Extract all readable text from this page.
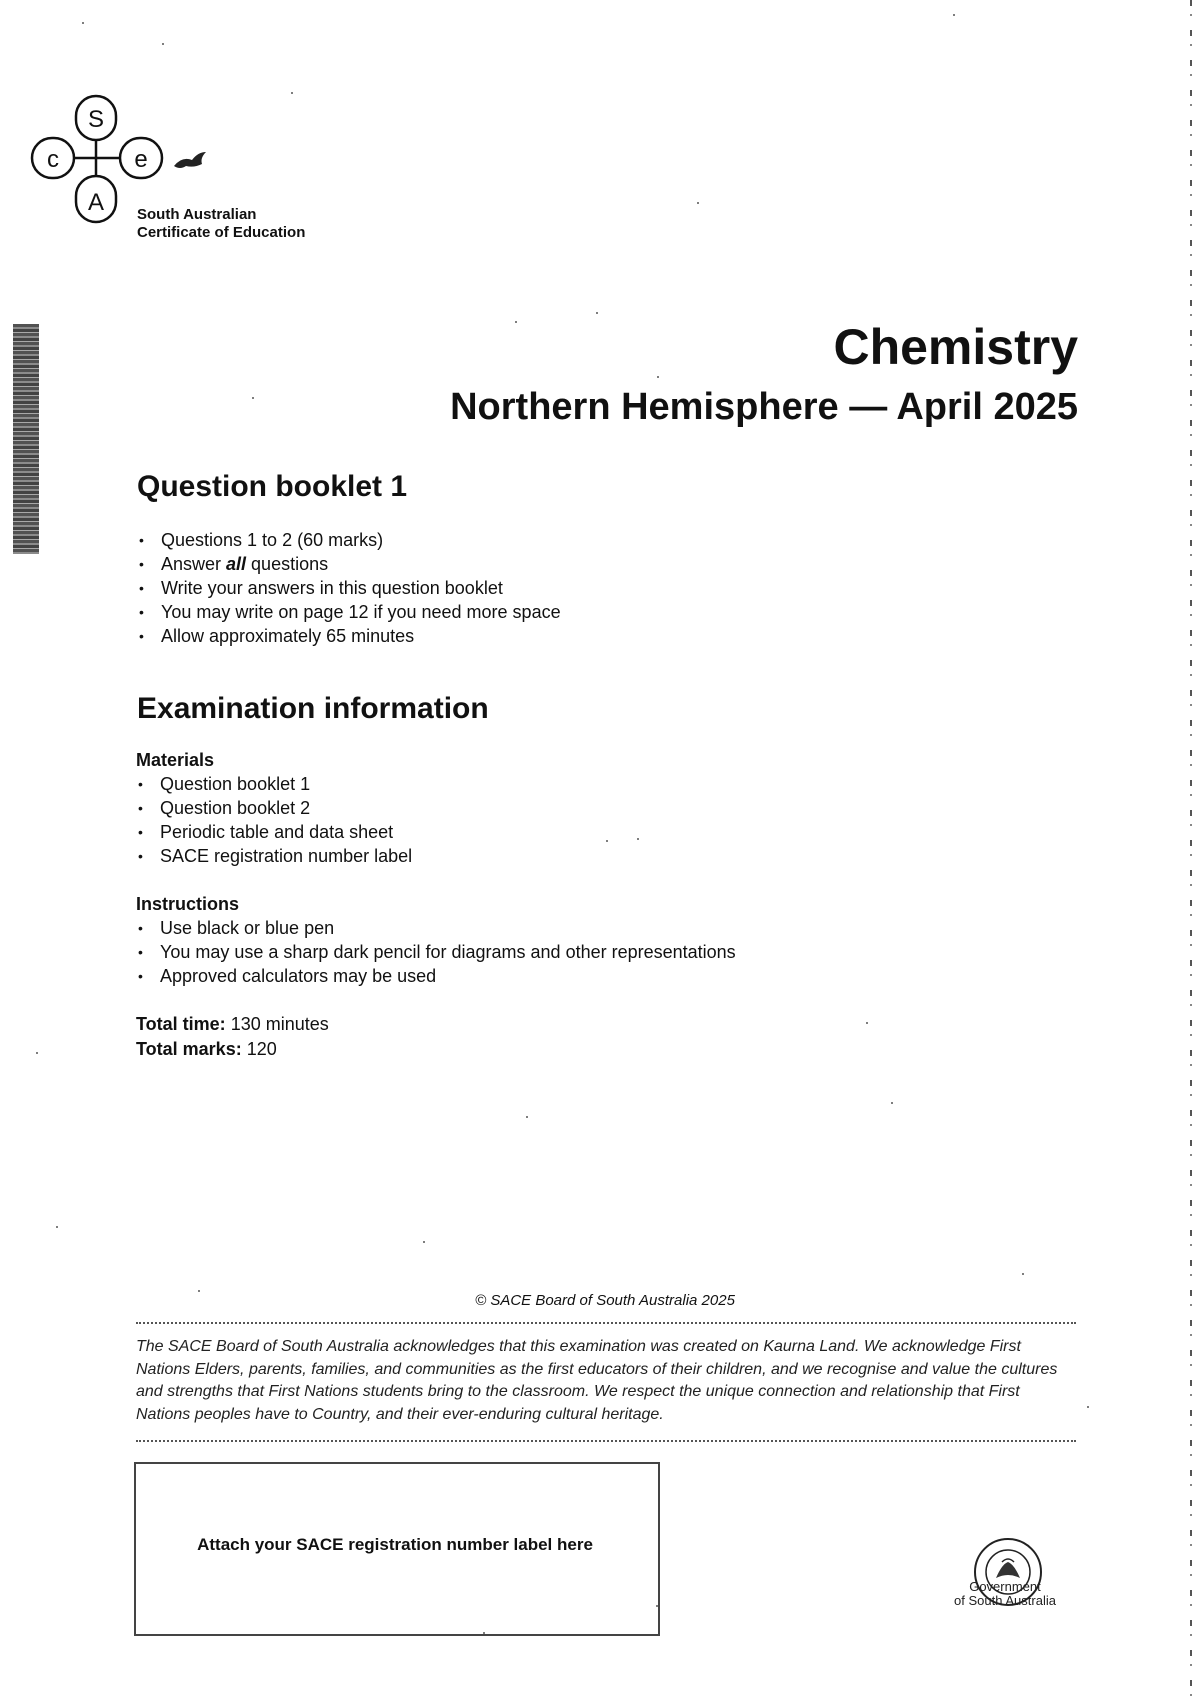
S
c	e
A South Australian
Certificate of Education
Chemistry
Northern Hemisphere — April 2025
Question booklet 1
• Questions 1 to 2 (60 marks)
• Answer all questions
• Write your answers in this question booklet
• You may write on page 12 if you need more space
• Allow approximately 65 minutes
Examination information
Materials
• Question booklet 1
• Question booklet 2
• Periodic table and data sheet
• SACE registration number label
Instructions
• Use black or blue pen
• You may use a sharp dark pencil for diagrams and other representations
• Approved calculators may be used
Total time: 130 minutes
Total marks: 120
© SACE Board of South Australia 2025
The SACE Board of South Australia acknowledges that this examination was created on Kaurna Land. We acknowledge First Nations Elders, parents, families, and communities as the first educators of their children, and we recognise and value the cultures and strengths that First Nations students bring to the classroom. We respect the unique connection and relationship that First Nations peoples have to Country, and their ever-enduring cultural heritage.
Attach your SACE registration number label here
Government
of South Australia
